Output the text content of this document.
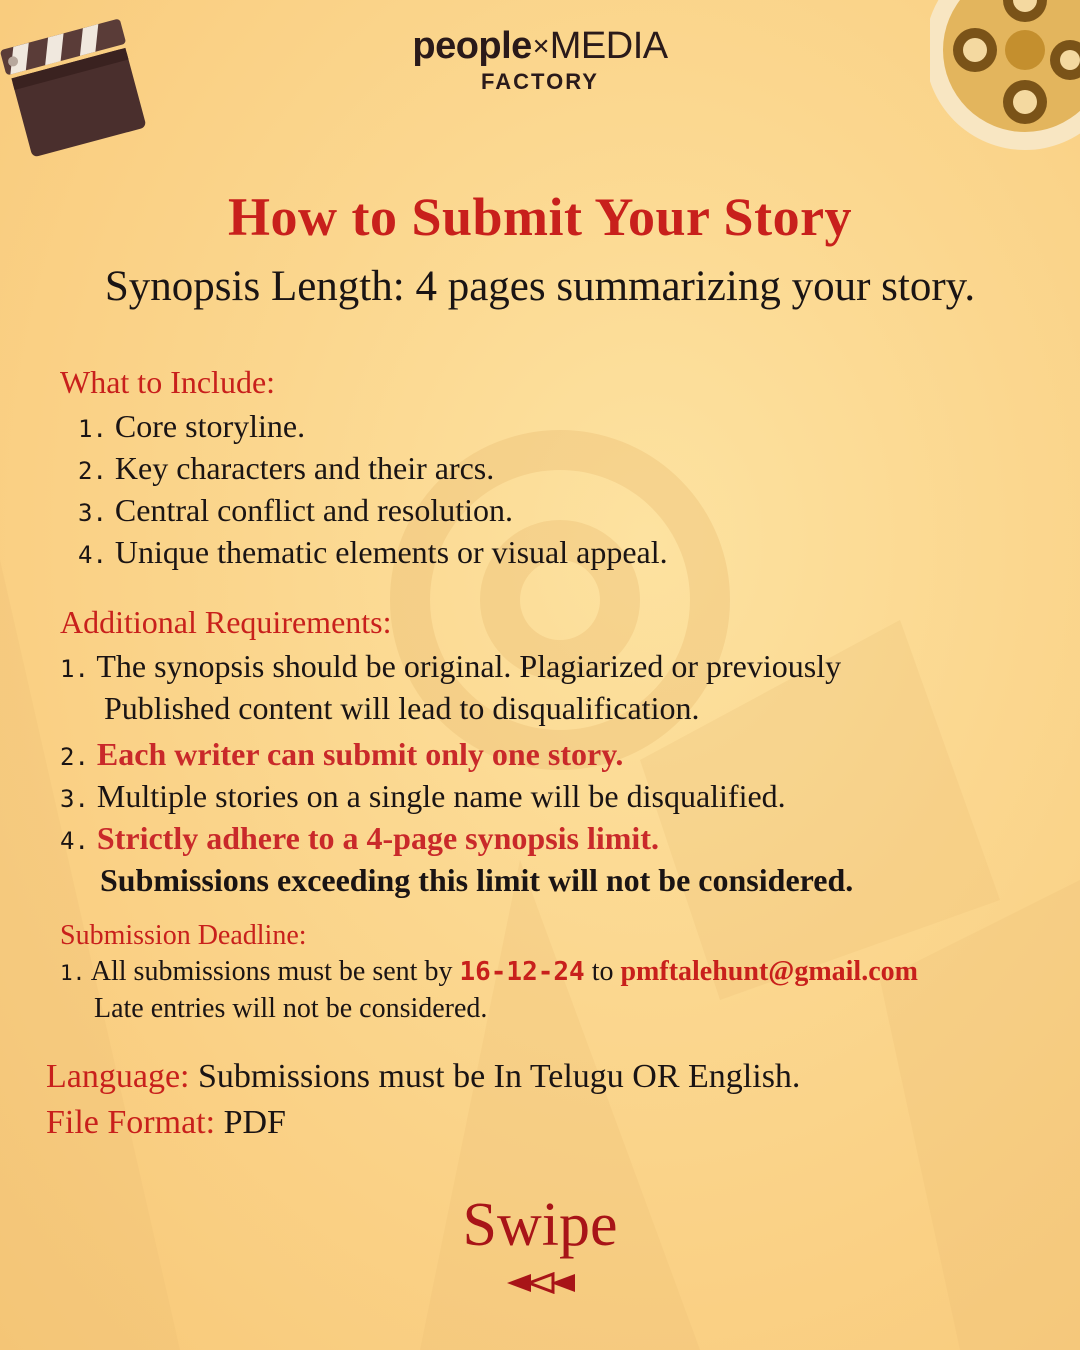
people✕MEDIA
FACTORY
How to Submit Your Story
Synopsis Length: 4 pages summarizing your story.
What to Include:
1. Core storyline.
2. Key characters and their arcs.
3. Central conflict and resolution.
4. Unique thematic elements or visual appeal.
Additional Requirements:
1. The synopsis should be original. Plagiarized or previously
Published content will lead to disqualification.
2. Each writer can submit only one story.
3. Multiple stories on a single name will be disqualified.
4. Strictly adhere to a 4-page synopsis limit.
Submissions exceeding this limit will not be considered.
Submission Deadline:
1. All submissions must be sent by 16-12-24 to pmftalehunt@gmail.com
Late entries will not be considered.
Language: Submissions must be In Telugu OR English.
File Format: PDF
Swipe
